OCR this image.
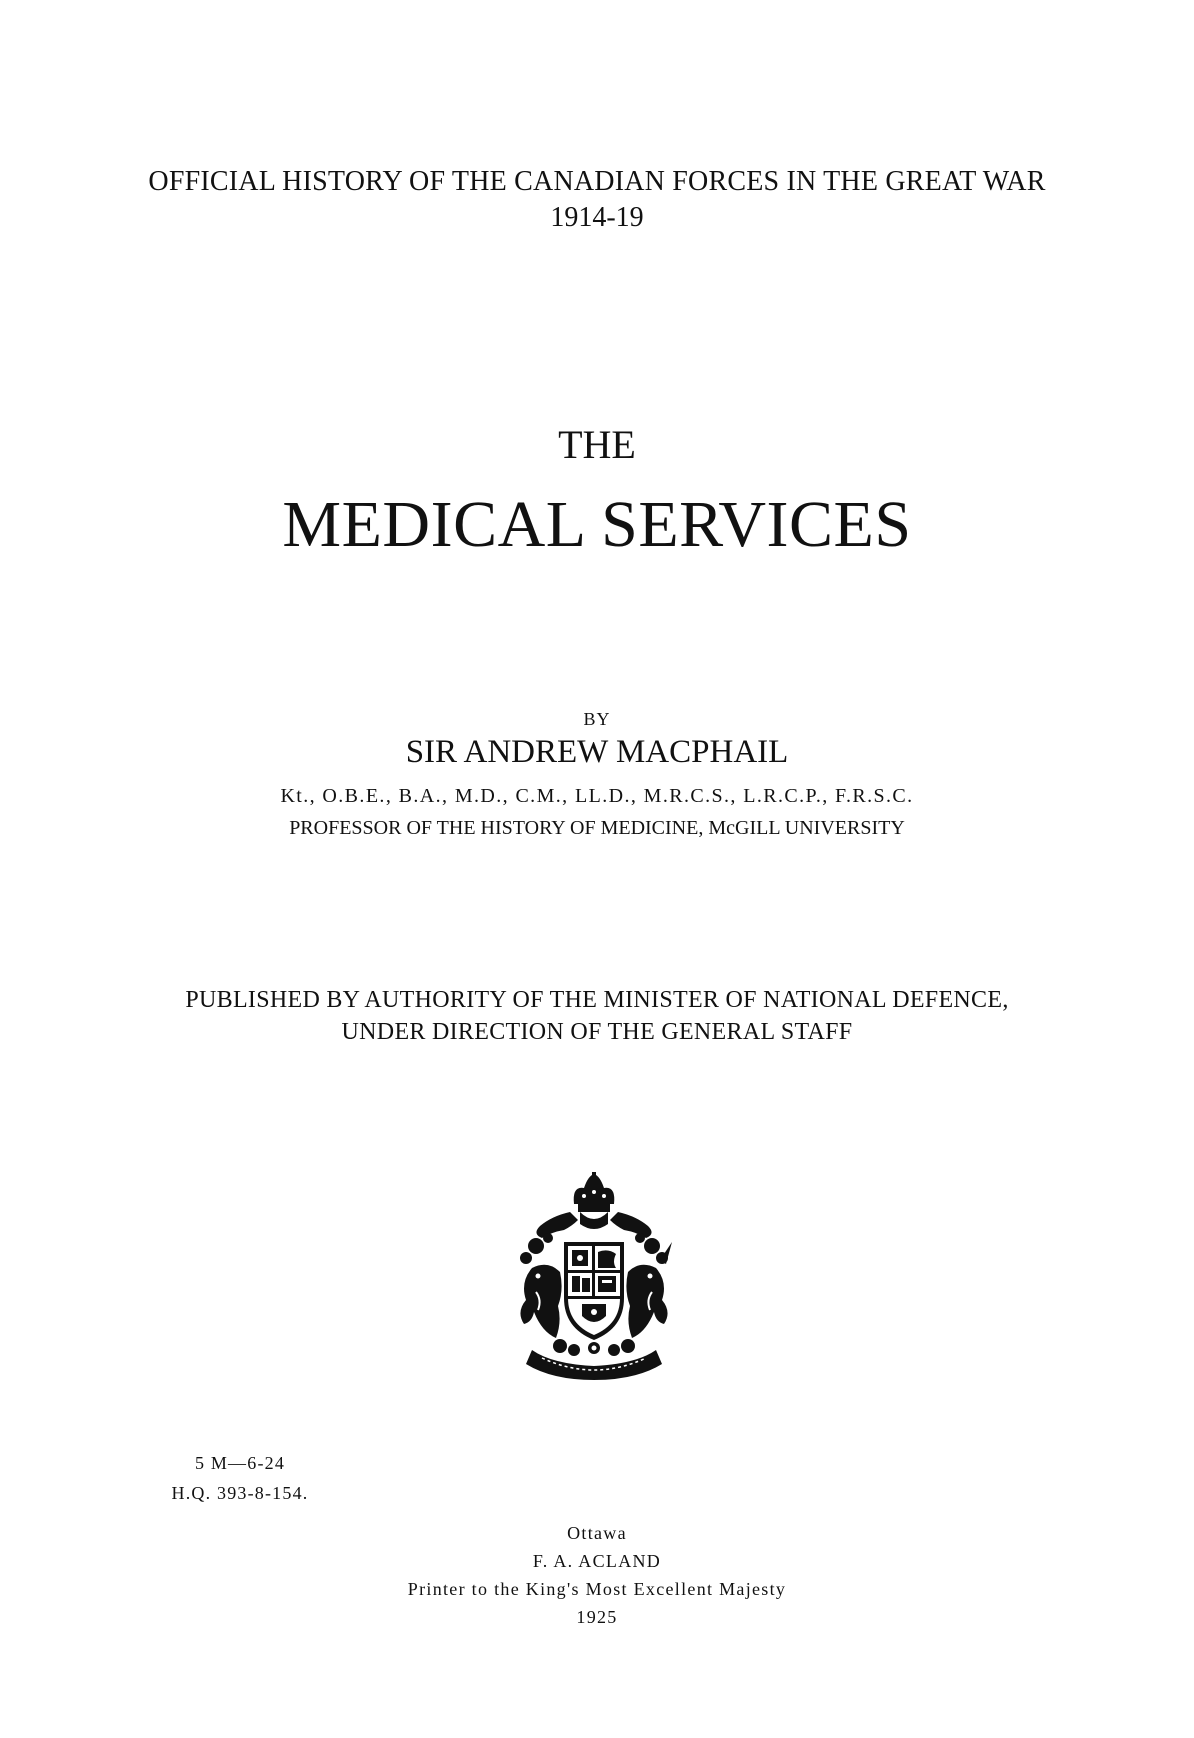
OFFICIAL HISTORY OF THE CANADIAN FORCES IN THE GREAT WAR
1914-19
THE
MEDICAL SERVICES
BY
SIR ANDREW MACPHAIL
Kt., O.B.E., B.A., M.D., C.M., LL.D., M.R.C.S., L.R.C.P., F.R.S.C.
PROFESSOR OF THE HISTORY OF MEDICINE, McGILL UNIVERSITY
PUBLISHED BY AUTHORITY OF THE MINISTER OF NATIONAL DEFENCE,
UNDER DIRECTION OF THE GENERAL STAFF
5 M—6-24
H.Q. 393-8-154.
Ottawa
F. A. ACLAND
Printer to the King's Most Excellent Majesty
1925
